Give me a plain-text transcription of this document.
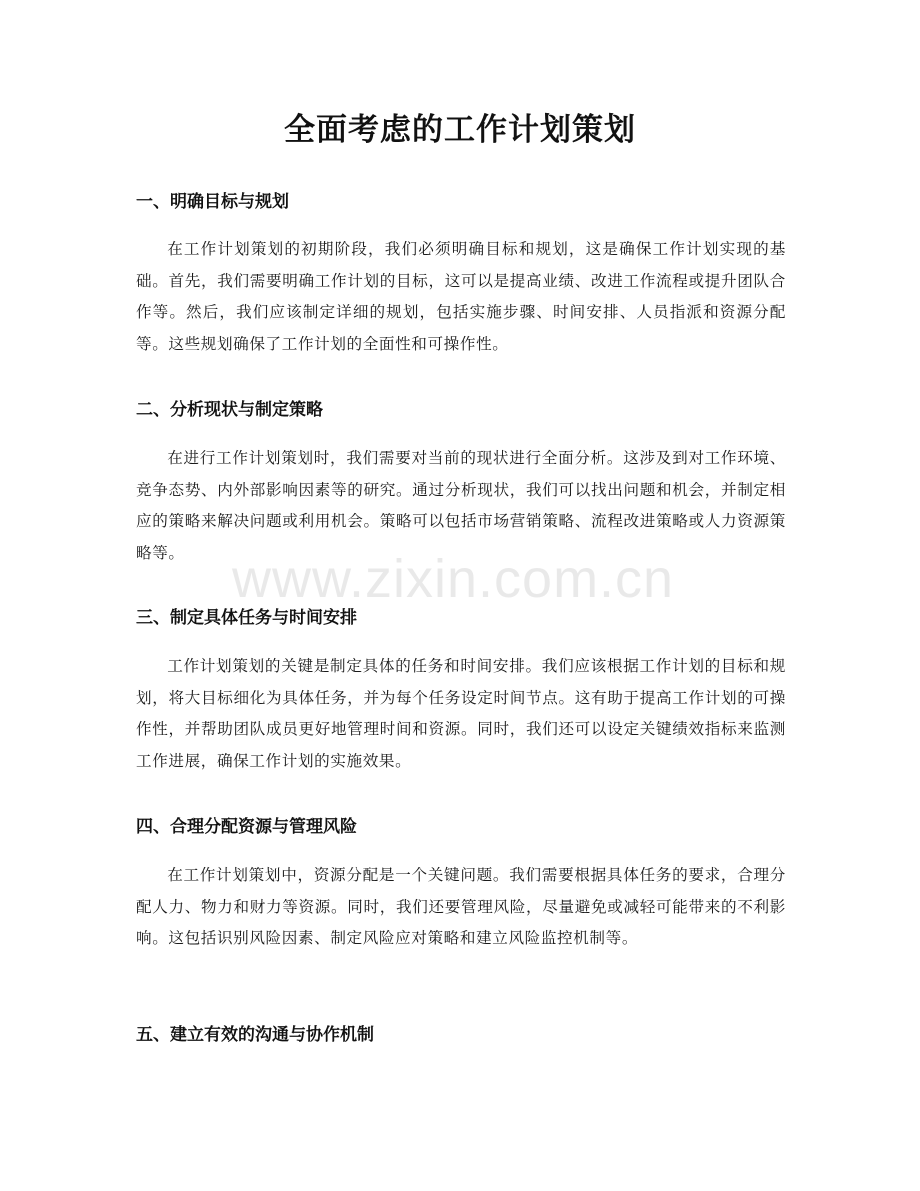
全面考虑的工作计划策划
一、明确目标与规划

在工作计划策划的初期阶段，我们必须明确目标和规划，这是确保工作计划实现的基础。首先，我们需要明确工作计划的目标，这可以是提高业绩、改进工作流程或提升团队合作等。然后，我们应该制定详细的规划，包括实施步骤、时间安排、人员指派和资源分配等。这些规划确保了工作计划的全面性和可操作性。

二、分析现状与制定策略

在进行工作计划策划时，我们需要对当前的现状进行全面分析。这涉及到对工作环境、竞争态势、内外部影响因素等的研究。通过分析现状，我们可以找出问题和机会，并制定相应的策略来解决问题或利用机会。策略可以包括市场营销策略、流程改进策略或人力资源策略等。

三、制定具体任务与时间安排

工作计划策划的关键是制定具体的任务和时间安排。我们应该根据工作计划的目标和规划，将大目标细化为具体任务，并为每个任务设定时间节点。这有助于提高工作计划的可操作性，并帮助团队成员更好地管理时间和资源。同时，我们还可以设定关键绩效指标来监测工作进展，确保工作计划的实施效果。

四、合理分配资源与管理风险

在工作计划策划中，资源分配是一个关键问题。我们需要根据具体任务的要求，合理分配人力、物力和财力等资源。同时，我们还要管理风险，尽量避免或减轻可能带来的不利影响。这包括识别风险因素、制定风险应对策略和建立风险监控机制等。

五、建立有效的沟通与协作机制
www.zixin.com.cn
